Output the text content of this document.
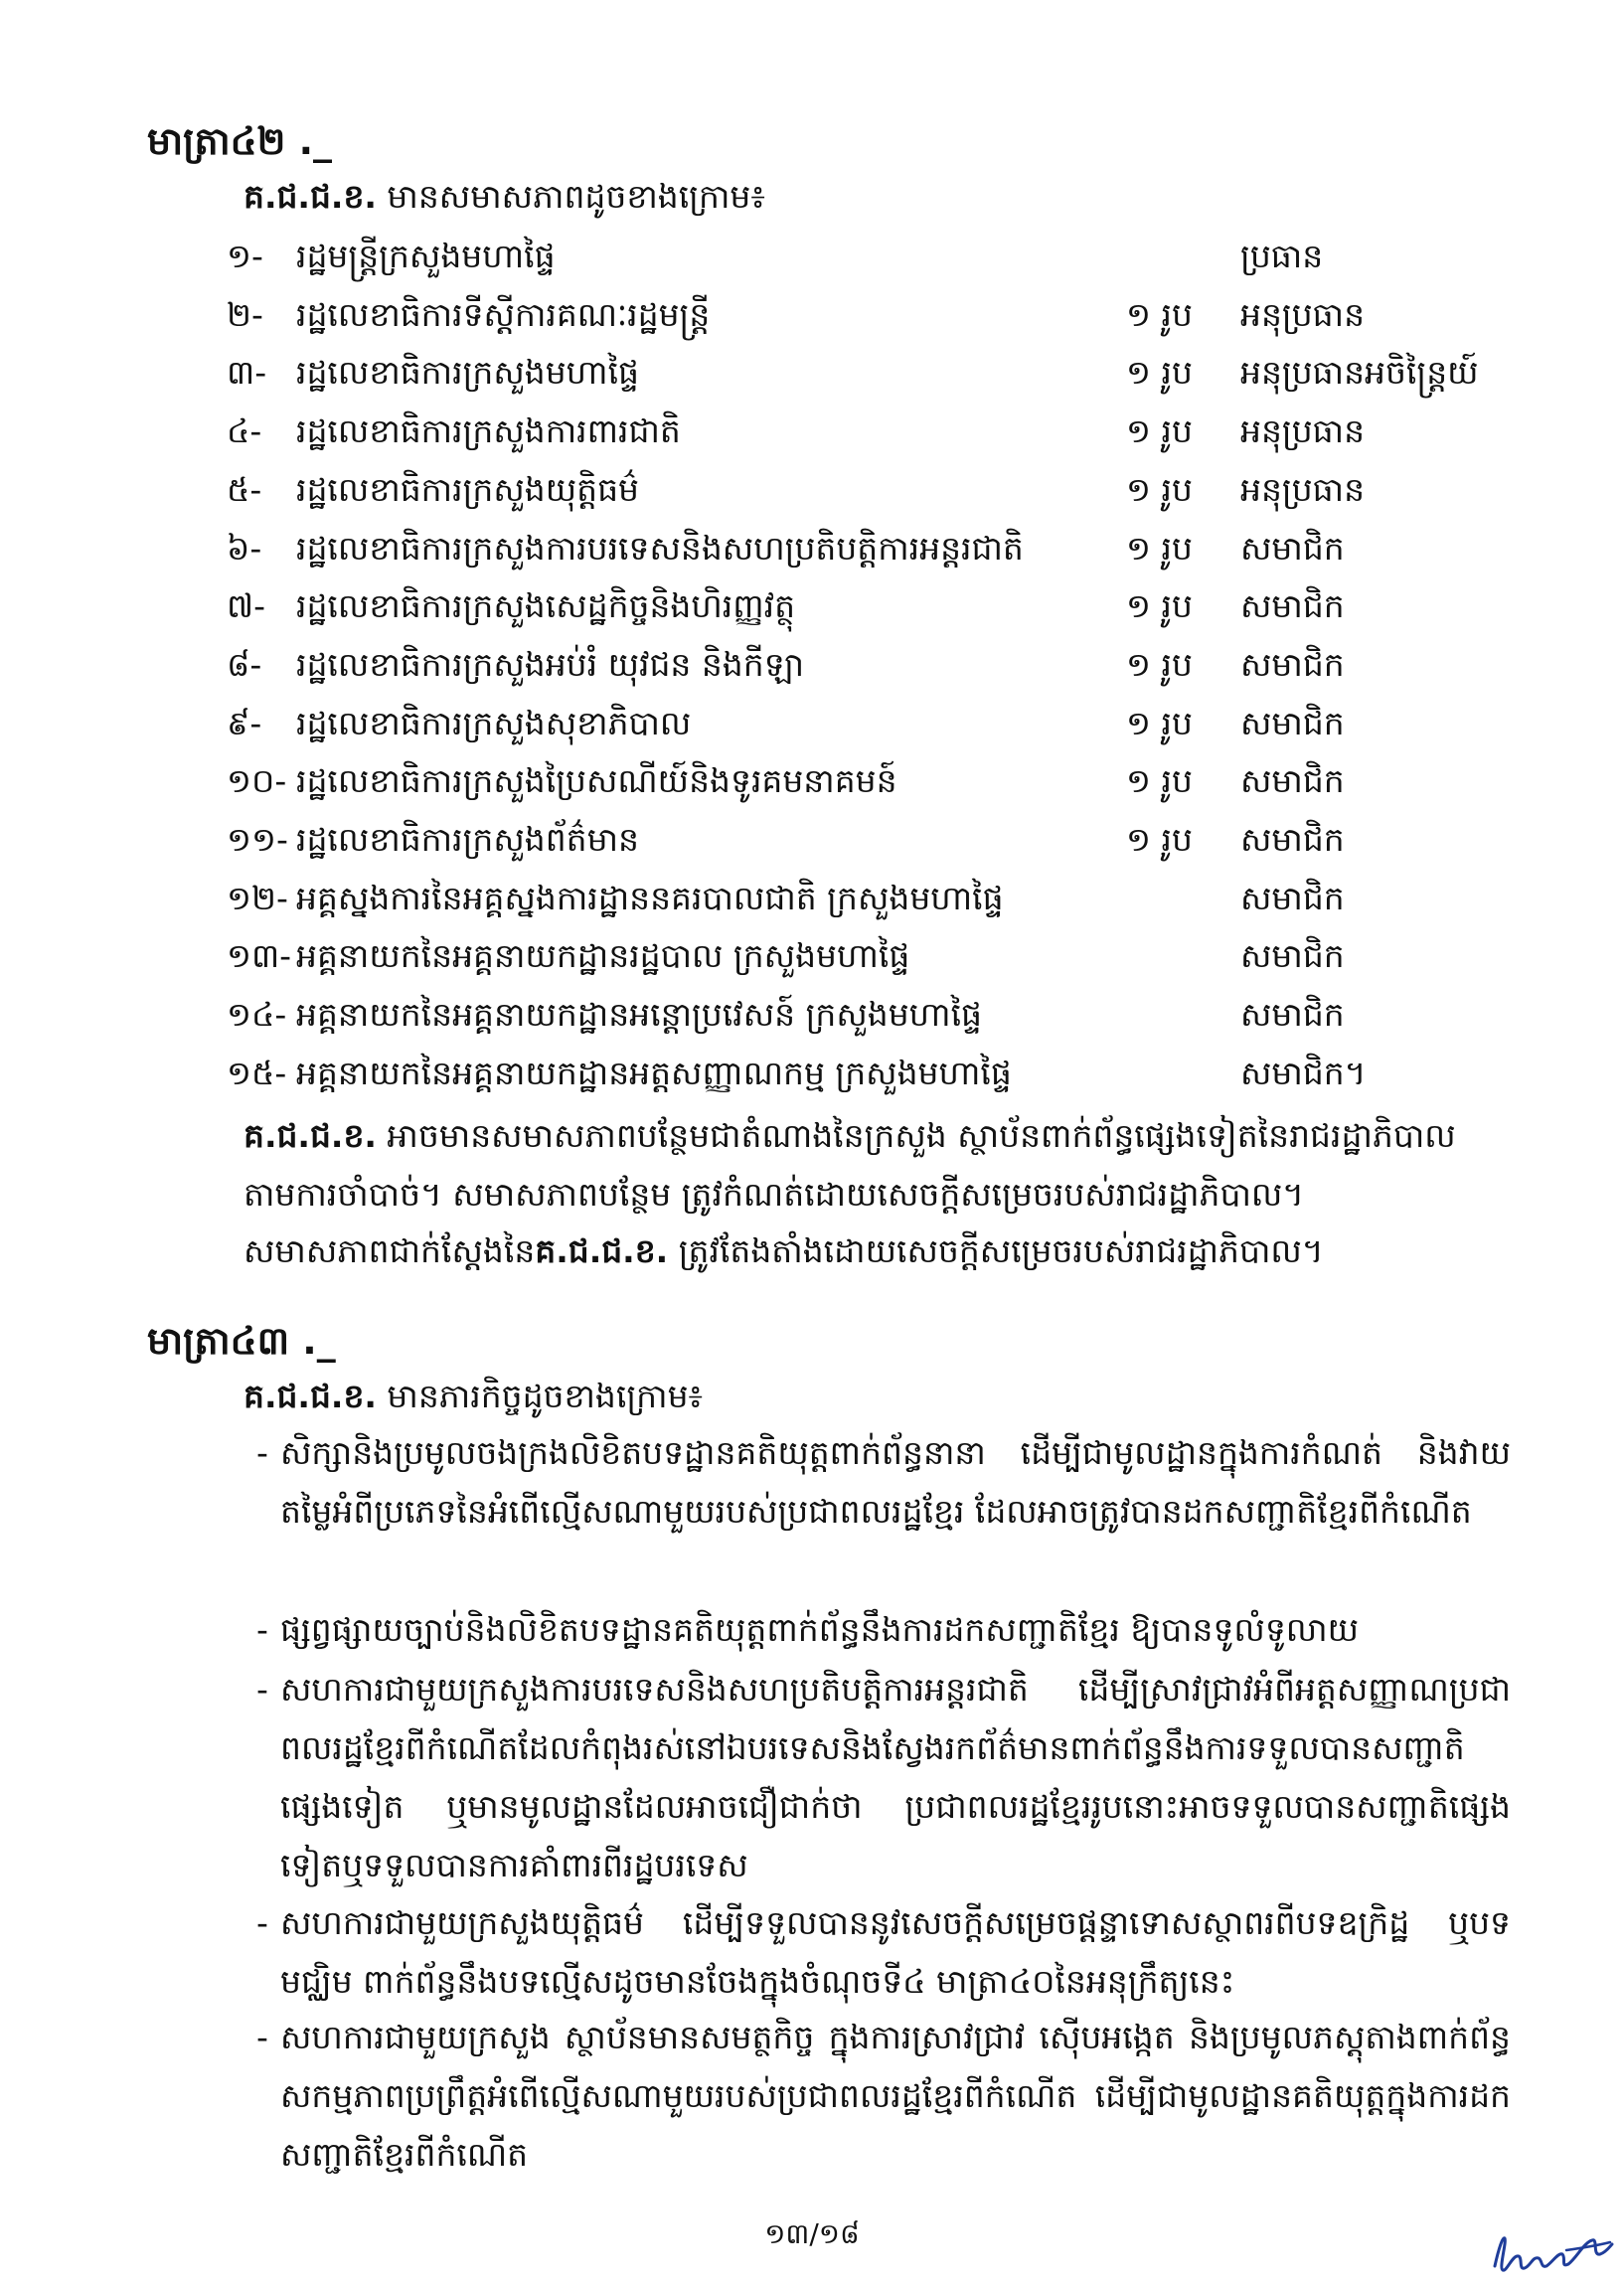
មាត្រា៤២ ._
គ.ជ.ជ.ខ. មានសមាសភាពដូចខាងក្រោម៖
១- រដ្ឋមន្ត្រីក្រសួងមហាផ្ទៃ	ប្រធាន
២- រដ្ឋលេខាធិការទីស្ដីការគណៈរដ្ឋមន្ត្រី	១ រូប អនុប្រធាន
៣- រដ្ឋលេខាធិការក្រសួងមហាផ្ទៃ	១ រូប អនុប្រធានអចិន្ត្រៃយ៍
៤- រដ្ឋលេខាធិការក្រសួងការពារជាតិ	១ រូប អនុប្រធាន
៥- រដ្ឋលេខាធិការក្រសួងយុត្តិធម៌	១ រូប អនុប្រធាន
៦- រដ្ឋលេខាធិការក្រសួងការបរទេសនិងសហប្រតិបត្តិការអន្តរជាតិ	១ រូប សមាជិក
៧- រដ្ឋលេខាធិការក្រសួងសេដ្ឋកិច្ចនិងហិរញ្ញវត្ថុ	១ រូប សមាជិក
៨- រដ្ឋលេខាធិការក្រសួងអប់រំ យុវជន និងកីឡា	១ រូប សមាជិក
៩- រដ្ឋលេខាធិការក្រសួងសុខាភិបាល	១ រូប សមាជិក
១០- រដ្ឋលេខាធិការក្រសួងប្រៃសណីយ៍និងទូរគមនាគមន៍	១ រូប សមាជិក
១១- រដ្ឋលេខាធិការក្រសួងព័ត៌មាន	១ រូប សមាជិក
១២- អគ្គស្នងការនៃអគ្គស្នងការដ្ឋាននគរបាលជាតិ ក្រសួងមហាផ្ទៃ	សមាជិក
១៣- អគ្គនាយកនៃអគ្គនាយកដ្ឋានរដ្ឋបាល ក្រសួងមហាផ្ទៃ	សមាជិក
១៤- អគ្គនាយកនៃអគ្គនាយកដ្ឋានអន្តោប្រវេសន៍ ក្រសួងមហាផ្ទៃ	សមាជិក
១៥- អគ្គនាយកនៃអគ្គនាយកដ្ឋានអត្តសញ្ញាណកម្ម ក្រសួងមហាផ្ទៃ	សមាជិក។
គ.ជ.ជ.ខ. អាចមានសមាសភាពបន្ថែមជាតំណាងនៃក្រសួង ស្ថាប័នពាក់ព័ន្ធផ្សេងទៀតនៃរាជរដ្ឋាភិបាល តាមការចាំបាច់។ សមាសភាពបន្ថែម ត្រូវកំណត់ដោយសេចក្ដីសម្រេចរបស់រាជរដ្ឋាភិបាល។
សមាសភាពជាក់ស្ដែងនៃគ.ជ.ជ.ខ. ត្រូវតែងតាំងដោយសេចក្ដីសម្រេចរបស់រាជរដ្ឋាភិបាល។
មាត្រា៤៣ ._
គ.ជ.ជ.ខ. មានភារកិច្ចដូចខាងក្រោម៖
- សិក្សានិងប្រមូលចងក្រងលិខិតបទដ្ឋានគតិយុត្តពាក់ព័ន្ធនានា ដើម្បីជាមូលដ្ឋានក្នុងការកំណត់ និងវាយតម្លៃអំពីប្រភេទនៃអំពើល្មើសណាមួយរបស់ប្រជាពលរដ្ឋខ្មែរ ដែលអាចត្រូវបានដកសញ្ជាតិខ្មែរពីកំណើត
- ផ្សព្វផ្សាយច្បាប់និងលិខិតបទដ្ឋានគតិយុត្តពាក់ព័ន្ធនឹងការដកសញ្ជាតិខ្មែរ ឱ្យបានទូលំទូលាយ
- សហការជាមួយក្រសួងការបរទេសនិងសហប្រតិបត្តិការអន្តរជាតិ ដើម្បីស្រាវជ្រាវអំពីអត្តសញ្ញាណប្រជាពលរដ្ឋខ្មែរពីកំណើតដែលកំពុងរស់នៅឯបរទេសនិងស្វែងរកព័ត៌មានពាក់ព័ន្ធនឹងការទទួលបានសញ្ជាតិផ្សេងទៀត ឬមានមូលដ្ឋានដែលអាចជឿជាក់ថា ប្រជាពលរដ្ឋខ្មែររូបនោះអាចទទួលបានសញ្ជាតិផ្សេងទៀតឬទទួលបានការគាំពារពីរដ្ឋបរទេស
- សហការជាមួយក្រសួងយុត្តិធម៌ ដើម្បីទទួលបាននូវសេចក្ដីសម្រេចផ្ដន្ទាទោសស្ថាពរពីបទឧក្រិដ្ឋ ឬបទមជ្ឈិម ពាក់ព័ន្ធនឹងបទល្មើសដូចមានចែងក្នុងចំណុចទី៤ មាត្រា៤០នៃអនុក្រឹត្យនេះ
- សហការជាមួយក្រសួង ស្ថាប័នមានសមត្ថកិច្ច ក្នុងការស្រាវជ្រាវ ស៊ើបអង្កេត និងប្រមូលភស្ដុតាងពាក់ព័ន្ធសកម្មភាពប្រព្រឹត្តអំពើល្មើសណាមួយរបស់ប្រជាពលរដ្ឋខ្មែរពីកំណើត ដើម្បីជាមូលដ្ឋានគតិយុត្តក្នុងការដកសញ្ជាតិខ្មែរពីកំណើត
១៣/១៨
